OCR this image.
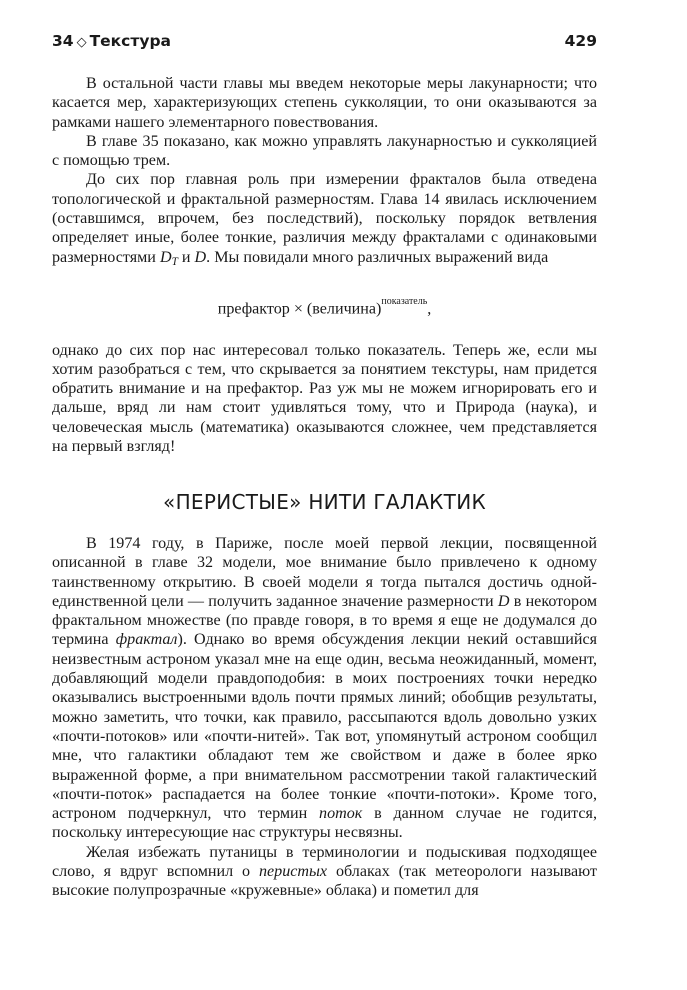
34 ◇ Текстура	429

В остальной части главы мы введем некоторые меры лакунарности; что касается мер, характеризующих степень сукколяции, то они оказываются за рамками нашего элементарного повествования.

В главе 35 показано, как можно управлять лакунарностью и сукколяцией с помощью трем.

До сих пор главная роль при измерении фракталов была отведена топологической и фрактальной размерностям. Глава 14 явилась исключением (оставшимся, впрочем, без последствий), поскольку порядок ветвления определяет иные, более тонкие, различия между фракталами с одинаковыми размерностями $D_T$ и D. Мы повидали много различных выражений вида

префактор × (величина)$^{показатель}$,

однако до сих пор нас интересовал только показатель. Теперь же, если мы хотим разобраться с тем, что скрывается за понятием текстуры, нам придется обратить внимание и на префактор. Раз уж мы не можем игнорировать его и дальше, вряд ли нам стоит удивляться тому, что и Природа (наука), и человеческая мысль (математика) оказываются сложнее, чем представляется на первый взгляд!

«ПЕРИСТЫЕ» НИТИ ГАЛАКТИК

В 1974 году, в Париже, после моей первой лекции, посвященной описанной в главе 32 модели, мое внимание было привлечено к одному таинственному открытию. В своей модели я тогда пытался достичь одной-единственной цели — получить заданное значение размерности D в некотором фрактальном множестве (по правде говоря, в то время я еще не додумался до термина фрактал). Однако во время обсуждения лекции некий оставшийся неизвестным астроном указал мне на еще один, весьма неожиданный, момент, добавляющий модели правдоподобия: в моих построениях точки нередко оказывались выстроенными вдоль почти прямых линий; обобщив результаты, можно заметить, что точки, как правило, рассыпаются вдоль довольно узких «почти-потоков» или «почти-нитей». Так вот, упомянутый астроном сообщил мне, что галактики обладают тем же свойством и даже в более ярко выраженной форме, а при внимательном рассмотрении такой галактический «почти-поток» распадается на более тонкие «почти-потоки». Кроме того, астроном подчеркнул, что термин поток в данном случае не годится, поскольку интересующие нас структуры несвязны.

Желая избежать путаницы в терминологии и подыскивая подходящее слово, я вдруг вспомнил о перистых облаках (так метеорологи называют высокие полупрозрачные «кружевные» облака) и пометил для
